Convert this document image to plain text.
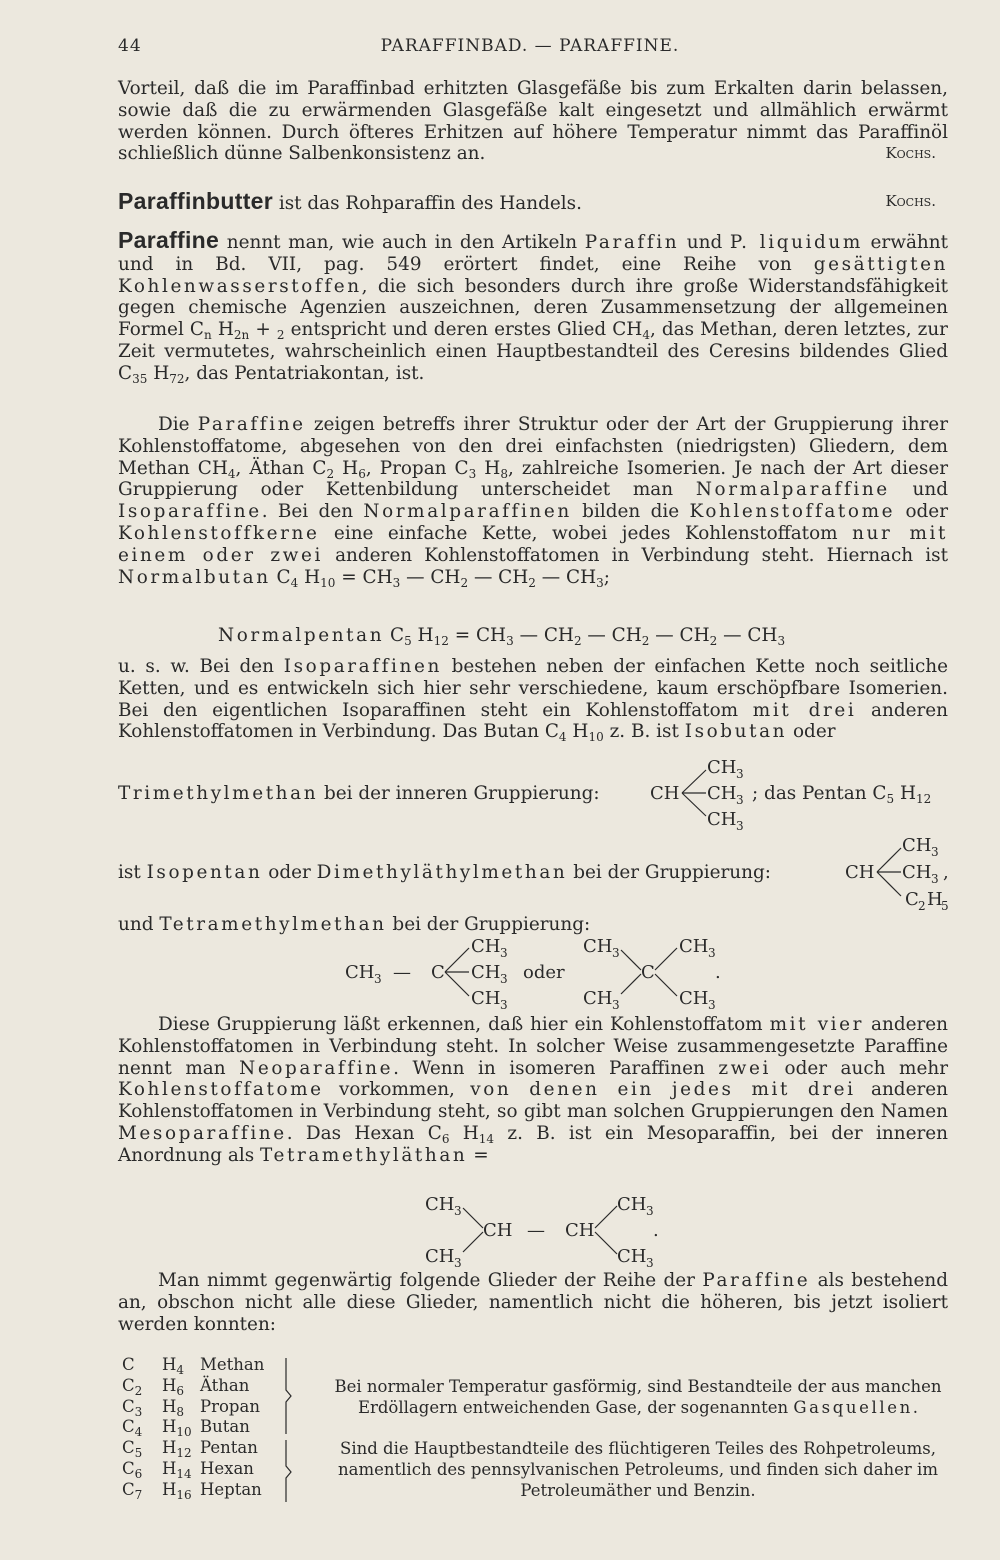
44	PARAFFINBAD. — PARAFFINE.
Vorteil, daß die im Paraffinbad erhitzten Glasgefäße bis zum Erkalten darin belassen, sowie daß die zu erwärmenden Glasgefäße kalt eingesetzt und allmählich erwärmt werden können. Durch öfteres Erhitzen auf höhere Temperatur nimmt das Paraffinöl schließlich dünne Salbenkonsistenz an.	Kochs.
Paraffinbutter ist das Rohparaffin des Handels.	Kochs.
Paraffine nennt man, wie auch in den Artikeln Paraffin und P. liquidum erwähnt und in Bd. VII, pag. 549 erörtert findet, eine Reihe von gesättigten Kohlenwasserstoffen, die sich besonders durch ihre große Widerstandsfähigkeit gegen chemische Agenzien auszeichnen, deren Zusammensetzung der allgemeinen Formel $C_n$ $H_{2n} + _2$ entspricht und deren erstes Glied $CH_4$, das Methan, deren letztes, zur Zeit vermutetes, wahrscheinlich einen Hauptbestandteil des Ceresins bildendes Glied $C_{35}$ $H_{72}$, das Pentatriakontan, ist.
Die Paraffine zeigen betreffs ihrer Struktur oder der Art der Gruppierung ihrer Kohlenstoffatome, abgesehen von den drei einfachsten (niedrigsten) Gliedern, dem Methan $CH_4$, Äthan $C_2$ $H_6$, Propan $C_3$ $H_8$, zahlreiche Isomerien. Je nach der Art dieser Gruppierung oder Kettenbildung unterscheidet man Normalparaffine und Isoparaffine. Bei den Normalparaffinen bilden die Kohlenstoffatome oder Kohlenstoffkerne eine einfache Kette, wobei jedes Kohlenstoffatom nur mit einem oder zwei anderen Kohlenstoffatomen in Verbindung steht. Hiernach ist Normalbutan $C_4$ $H_{10} = CH_3$ — $CH_2$ — $CH_2$ — $CH_3$;
Normalpentan $C_5$ $H_{12} = CH_3$ — $CH_2$ — $CH_2$ — $CH_2$ — $CH_3$
u. s. w. Bei den Isoparaffinen bestehen neben der einfachen Kette noch seitliche Ketten, und es entwickeln sich hier sehr verschiedene, kaum erschöpfbare Isomerien. Bei den eigentlichen Isoparaffinen steht ein Kohlenstoffatom mit drei anderen Kohlenstoffatomen in Verbindung. Das Butan $C_4$ $H_{10}$ z. B. ist Isobutan oder
Trimethylmethan bei der inneren Gruppierung:	CH
CH 3
CH 3
CH 3
; das Pentan $C_5$ $H_{12}$
ist Isopentan oder Dimethyläthylmethan bei der Gruppierung:	CH
CH 3
CH 3 ,
C 2 H
5
und Tetramethylmethan bei der Gruppierung:
CH 3 — C
CH 3
CH 3
CH 3
oder
CH 3
CH 3
C
CH 3
CH 3
.
Diese Gruppierung läßt erkennen, daß hier ein Kohlenstoffatom mit vier anderen Kohlenstoffatomen in Verbindung steht. In solcher Weise zusammengesetzte Paraffine nennt man Neoparaffine. Wenn in isomeren Paraffinen zwei oder auch mehr Kohlenstoffatome vorkommen, von denen ein jedes mit drei anderen Kohlenstoffatomen in Verbindung steht, so gibt man solchen Gruppierungen den Namen Mesoparaffine. Das Hexan $C_6$ $H_{14}$ z. B. ist ein Mesoparaffin, bei der inneren Anordnung als Tetramethyläthan =
CH 3
CH 3
CH — CH
CH 3
CH 3
.
Man nimmt gegenwärtig folgende Glieder der Reihe der Paraffine als bestehend an, obschon nicht alle diese Glieder, namentlich nicht die höheren, bis jetzt isoliert werden konnten:
C $H_4$ Methan
$C_2$ $H_6$ Äthan
$C_3$ $H_8$ Propan
$C_4$ $H_{10}$ Butan
$C_5$ $H_{12}$ Pentan
$C_6$ $H_{14}$ Hexan
$C_7$ $H_{16}$ Heptan
Bei normaler Temperatur gasförmig, sind Bestandteile der aus manchen Erdöllagern entweichenden Gase, der sogenannten Gasquellen.
Sind die Hauptbestandteile des flüchtigeren Teiles des Rohpetroleums, namentlich des pennsylvanischen Petroleums, und finden sich daher im Petroleumäther und Benzin.
